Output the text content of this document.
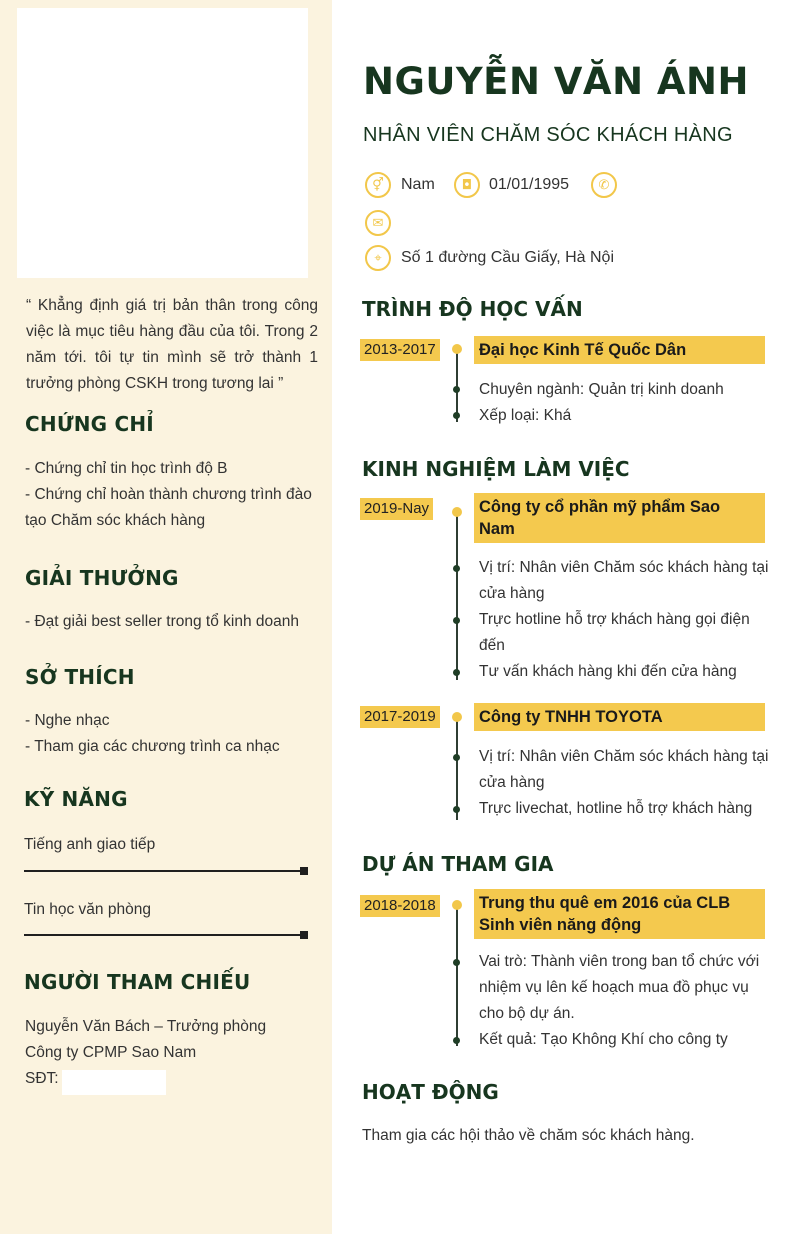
“ Khẳng định giá trị bản thân trong công việc là mục tiêu hàng đầu của tôi. Trong 2 năm tới. tôi tự tin mình sẽ trở thành 1 trưởng phòng CSKH trong tương lai ”
CHỨNG CHỈ
- Chứng chỉ tin học trình độ B
- Chứng chỉ hoàn thành chương trình đào tạo Chăm sóc khách hàng
GIẢI THƯỞNG
- Đạt giải best seller trong tổ kinh doanh
SỞ THÍCH
- Nghe nhạc
- Tham gia các chương trình ca nhạc
KỸ NĂNG
Tiếng anh giao tiếp
Tin học văn phòng
NGƯỜI THAM CHIẾU
Nguyễn Văn Bách – Trưởng phòng
Công ty CPMP Sao Nam
SĐT:
NGUYỄN VĂN ÁNH
NHÂN VIÊN CHĂM SÓC KHÁCH HÀNG
⚥	Nam	◘	01/01/1995	✆
✉
⌖	Số 1 đường Cầu Giấy, Hà Nội
TRÌNH ĐỘ HỌC VẤN
2013-2017	Đại học Kinh Tế Quốc Dân
Chuyên ngành: Quản trị kinh doanh
Xếp loại: Khá
KINH NGHIỆM LÀM VIỆC
2019-Nay	Công ty cổ phần mỹ phẩm Sao Nam
Vị trí: Nhân viên Chăm sóc khách hàng tại cửa hàng
Trực hotline hỗ trợ khách hàng gọi điện đến
Tư vấn khách hàng khi đến cửa hàng
2017-2019	Công ty TNHH TOYOTA
Vị trí: Nhân viên Chăm sóc khách hàng tại cửa hàng
Trực livechat, hotline hỗ trợ khách hàng
DỰ ÁN THAM GIA
2018-2018	Trung thu quê em 2016 của CLB Sinh viên năng động
Vai trò: Thành viên trong ban tổ chức với nhiệm vụ lên kế hoạch mua đồ phục vụ cho bộ dự án.
Kết quả: Tạo Không Khí cho công ty
HOẠT ĐỘNG
Tham gia các hội thảo về chăm sóc khách hàng.
